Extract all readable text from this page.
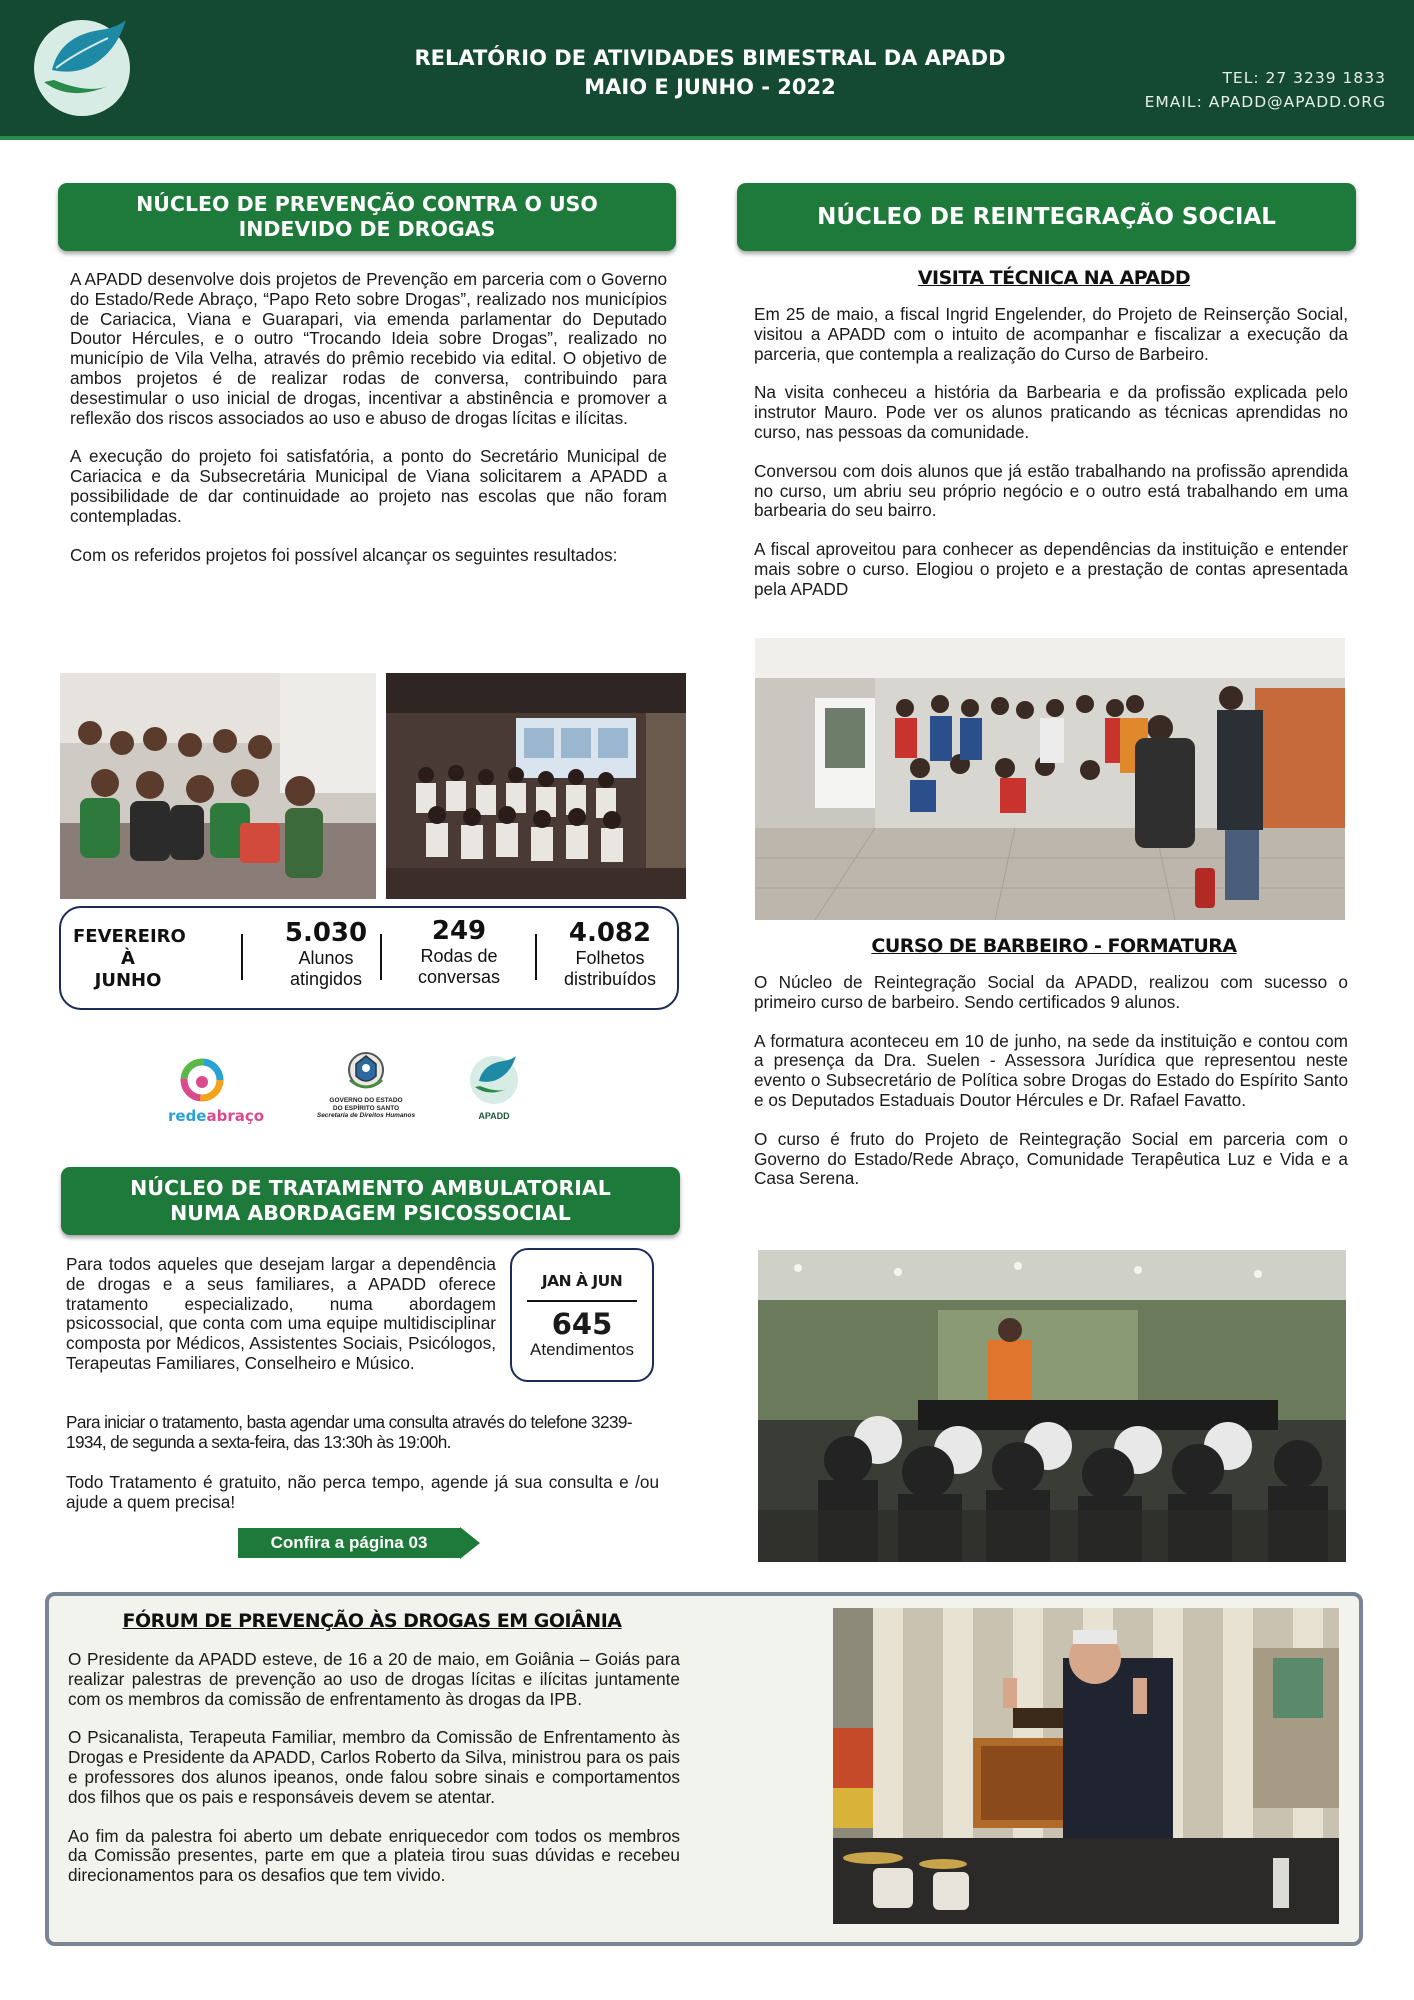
RELATÓRIO DE ATIVIDADES BIMESTRAL DA APADD
MAIO E JUNHO - 2022	TEL: 27 3239 1833
EMAIL: APADD@APADD.ORG
NÚCLEO DE PREVENÇÃO CONTRA O USO
INDEVIDO DE DROGAS

A APADD desenvolve dois projetos de Prevenção em parceria com o Governo do Estado/Rede Abraço, “Papo Reto sobre Drogas”, realizado nos municípios de Cariacica, Viana e Guarapari, via emenda parlamentar do Deputado Doutor Hércules, e o outro “Trocando Ideia sobre Drogas”, realizado no município de Vila Velha, através do prêmio recebido via edital. O objetivo de ambos projetos é de realizar rodas de conversa, contribuindo para desestimular o uso inicial de drogas, incentivar a abstinência e promover a reflexão dos riscos associados ao uso e abuso de drogas lícitas e ilícitas.

A execução do projeto foi satisfatória, a ponto do Secretário Municipal de Cariacica e da Subsecretária Municipal de Viana solicitarem a APADD a possibilidade de dar continuidade ao projeto nas escolas que não foram contempladas.

Com os referidos projetos foi possível alcançar os seguintes resultados:

FEVEREIRO
À
JUNHO
5.030
Alunos
atingidos
249
Rodas de
conversas
4.082
Folhetos
distribuídos
redeabraço
GOVERNO DO ESTADO
DO ESPÍRITO SANTO
Secretaria de Direitos Humanos	APADD
NÚCLEO DE TRATAMENTO AMBULATORIAL
NUMA ABORDAGEM PSICOSSOCIAL

Para todos aqueles que desejam largar a dependência de drogas e a seus familiares, a APADD oferece tratamento especializado, numa abordagem psicossocial, que conta com uma equipe multidisciplinar composta por Médicos, Assistentes Sociais, Psicólogos, Terapeutas Familiares, Conselheiro e Músico.

JAN À JUN
645
Atendimentos

Para iniciar o tratamento, basta agendar uma consulta através do telefone 3239-1934, de segunda a sexta-feira, das 13:30h às 19:00h.

Todo Tratamento é gratuito, não perca tempo, agende já sua consulta e /ou ajude a quem precisa!

Confira a página 03
NÚCLEO DE REINTEGRAÇÃO SOCIAL
VISITA TÉCNICA NA APADD

Em 25 de maio, a fiscal Ingrid Engelender, do Projeto de Reinserção Social, visitou a APADD com o intuito de acompanhar e fiscalizar a execução da parceria, que contempla a realização do Curso de Barbeiro.

Na visita conheceu a história da Barbearia e da profissão explicada pelo instrutor Mauro. Pode ver os alunos praticando as técnicas aprendidas no curso, nas pessoas da comunidade.

Conversou com dois alunos que já estão trabalhando na profissão aprendida no curso, um abriu seu próprio negócio e o outro está trabalhando em uma barbearia do seu bairro.

A fiscal aproveitou para conhecer as dependências da instituição e entender mais sobre o curso. Elogiou o projeto e a prestação de contas apresentada pela APADD

CURSO DE BARBEIRO - FORMATURA

O Núcleo de Reintegração Social da APADD, realizou com sucesso o primeiro curso de barbeiro. Sendo certificados 9 alunos.

A formatura aconteceu em 10 de junho, na sede da instituição e contou com a presença da Dra. Suelen - Assessora Jurídica que representou neste evento o Subsecretário de Política sobre Drogas do Estado do Espírito Santo e os Deputados Estaduais Doutor Hércules e Dr. Rafael Favatto.

O curso é fruto do Projeto de Reintegração Social em parceria com o Governo do Estado/Rede Abraço, Comunidade Terapêutica Luz e Vida e a Casa Serena.

FÓRUM DE PREVENÇÃO ÀS DROGAS EM GOIÂNIA

O Presidente da APADD esteve, de 16 a 20 de maio, em Goiânia – Goiás para realizar palestras de prevenção ao uso de drogas lícitas e ilícitas juntamente com os membros da comissão de enfrentamento às drogas da IPB.

O Psicanalista, Terapeuta Familiar, membro da Comissão de Enfrentamento às Drogas e Presidente da APADD, Carlos Roberto da Silva, ministrou para os pais e professores dos alunos ipeanos, onde falou sobre sinais e comportamentos dos filhos que os pais e responsáveis devem se atentar.

Ao fim da palestra foi aberto um debate enriquecedor com todos os membros da Comissão presentes, parte em que a plateia tirou suas dúvidas e recebeu direcionamentos para os desafios que tem vivido.
